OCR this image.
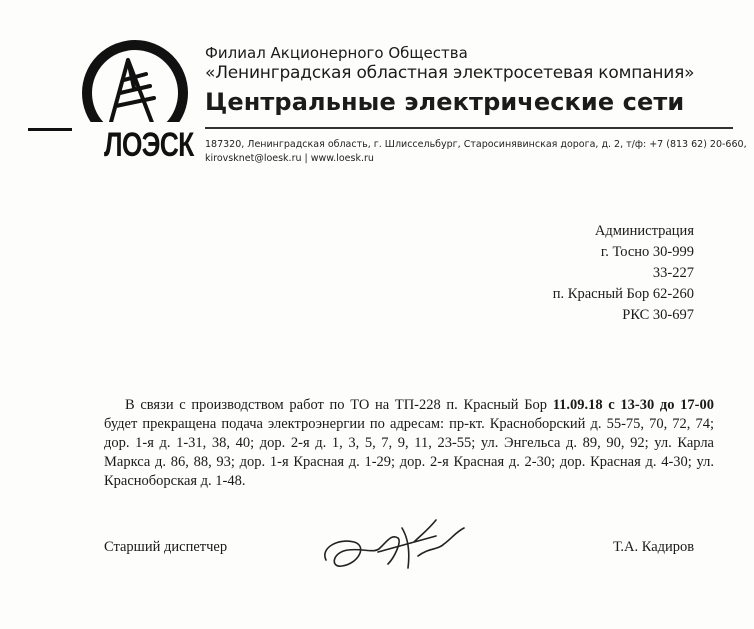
ЛОЭСК
Филиал Акционерного Общества
«Ленинградская областная электросетевая компания»
Центральные электрические сети
187320, Ленинградская область, г. Шлиссельбург, Старосинявинская дорога, д. 2, т/ф: +7 (813 62) 20-660,
kirovsknet@loesk.ru | www.loesk.ru
Администрация
г. Тосно 30-999
33-227
п. Красный Бор 62-260
РКС 30-697

В связи с производством работ по ТО на ТП-228 п. Красный Бор 11.09.18 с 13-30 до 17-00 будет прекращена подача электроэнергии по адресам: пр-кт. Красноборский д. 55-75, 70, 72, 74; дор. 1-я д. 1-31, 38, 40; дор. 2-я д. 1, 3, 5, 7, 9, 11, 23-55; ул. Энгельса д. 89, 90, 92; ул. Карла Маркса д. 86, 88, 93; дор. 1-я Красная д. 1-29; дор. 2-я Красная д. 2-30; дор. Красная д. 4-30; ул. Красноборская д. 1-48.

Старший диспетчер	Т.А. Кадиров
